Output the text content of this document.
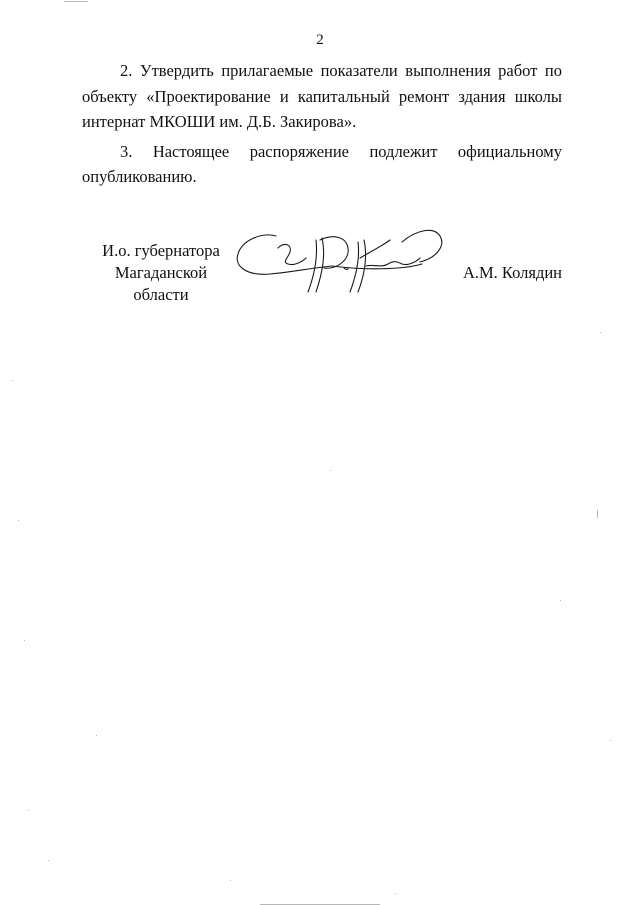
2

2. Утвердить прилагаемые показатели выполнения работ по объекту «Проектирование и капитальный ремонт здания школы интернат МКОШИ им. Д.Б. Закирова».

3. Настоящее распоряжение подлежит официальному опубликованию.

И.о. губернатора
Магаданской области
А.М. Колядин
